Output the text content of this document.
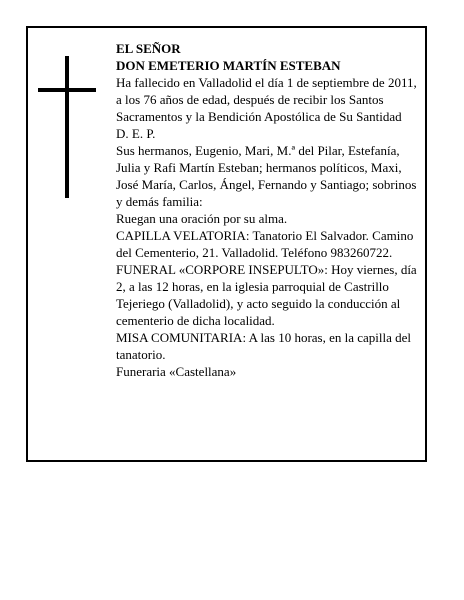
EL SEÑOR
DON EMETERIO MARTÍN ESTEBAN
Ha fallecido en Valladolid el día 1 de septiembre de 2011, a los 76 años de edad, después de recibir los Santos Sacramentos y la Bendición Apostólica de Su Santidad
D. E. P.
Sus hermanos, Eugenio, Mari, M.ª del Pilar, Estefanía, Julia y Rafi Martín Esteban; hermanos políticos, Maxi, José María, Carlos, Ángel, Fernando y Santiago; sobrinos y demás familia:
Ruegan una oración por su alma.
CAPILLA VELATORIA: Tanatorio El Salvador. Camino del Cementerio, 21. Valladolid. Teléfono 983260722.
FUNERAL «CORPORE INSEPULTO»: Hoy viernes, día 2, a las 12 horas, en la iglesia parroquial de Castrillo Tejeriego (Valladolid), y acto seguido la conducción al cementerio de dicha localidad.
MISA COMUNITARIA: A las 10 horas, en la capilla del tanatorio.
Funeraria «Castellana»
